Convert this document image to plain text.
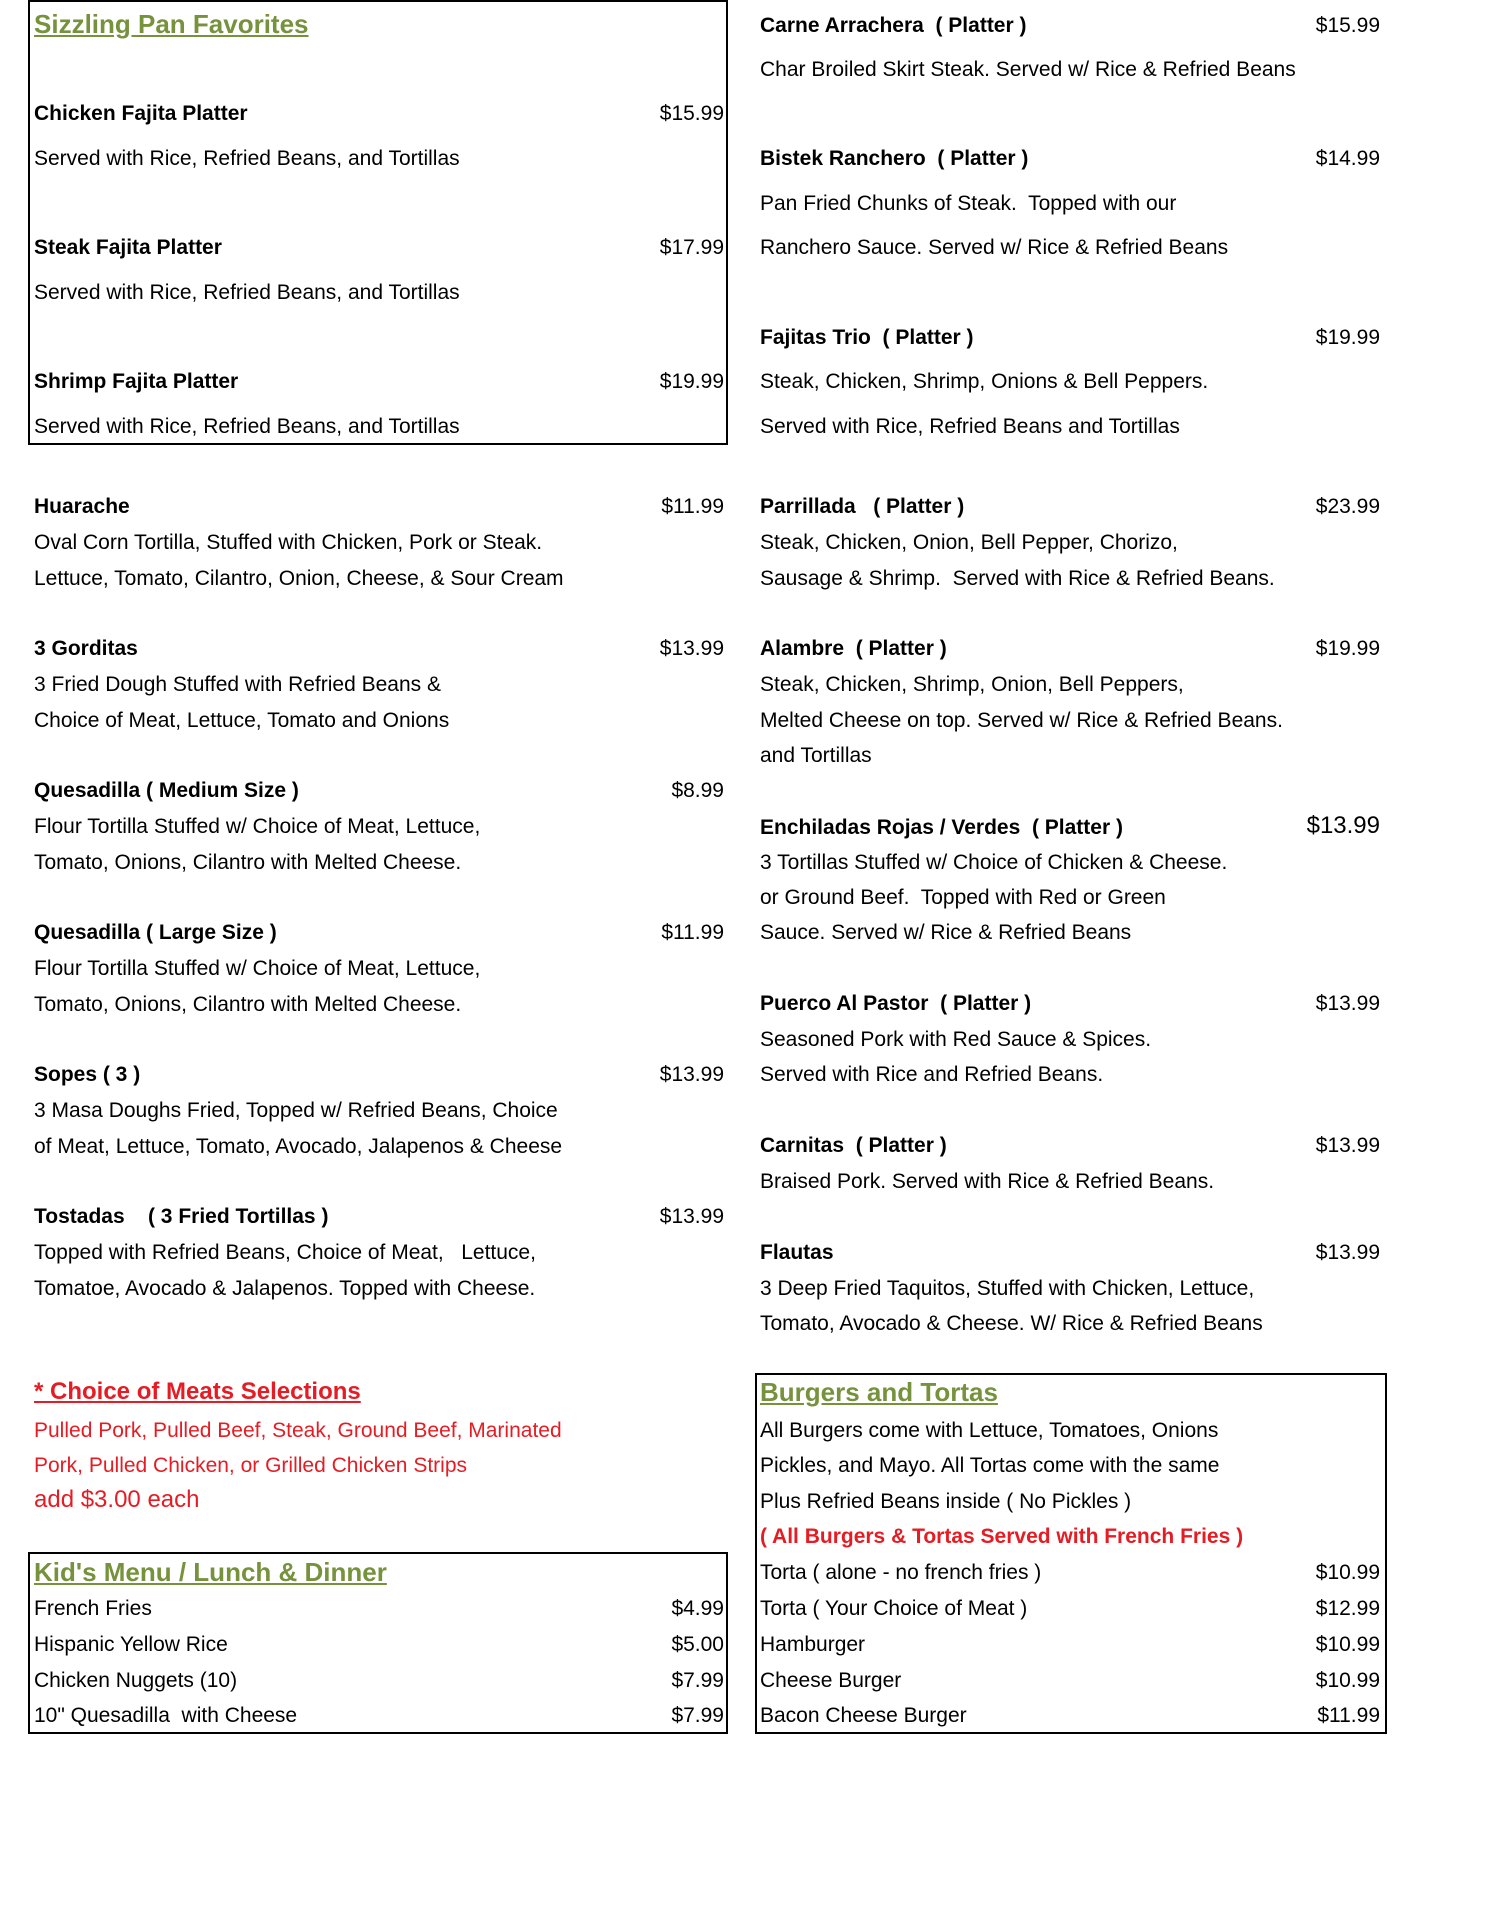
Sizzling Pan Favorites
Chicken Fajita Platter	$15.99
Served with Rice, Refried Beans, and Tortillas
Steak Fajita Platter	$17.99
Served with Rice, Refried Beans, and Tortillas
Shrimp Fajita Platter	$19.99
Served with Rice, Refried Beans, and Tortillas
Huarache	$11.99
Oval Corn Tortilla, Stuffed with Chicken, Pork or Steak.
Lettuce, Tomato, Cilantro, Onion, Cheese, & Sour Cream
3 Gorditas	$13.99
3 Fried Dough Stuffed with Refried Beans &
Choice of Meat, Lettuce, Tomato and Onions
Quesadilla ( Medium Size )	$8.99
Flour Tortilla Stuffed w/ Choice of Meat, Lettuce,
Tomato, Onions, Cilantro with Melted Cheese.
Quesadilla ( Large Size )	$11.99
Flour Tortilla Stuffed w/ Choice of Meat, Lettuce,
Tomato, Onions, Cilantro with Melted Cheese.
Sopes ( 3 )	$13.99
3 Masa Doughs Fried, Topped w/ Refried Beans, Choice
of Meat, Lettuce, Tomato, Avocado, Jalapenos & Cheese
Tostadas    ( 3 Fried Tortillas )	$13.99
Topped with Refried Beans, Choice of Meat,   Lettuce,
Tomatoe, Avocado & Jalapenos. Topped with Cheese.
Carne Arrachera  ( Platter )	$15.99
Char Broiled Skirt Steak. Served w/ Rice & Refried Beans
Bistek Ranchero  ( Platter )	$14.99
Pan Fried Chunks of Steak.  Topped with our
Ranchero Sauce. Served w/ Rice & Refried Beans
Fajitas Trio  ( Platter )	$19.99
Steak, Chicken, Shrimp, Onions & Bell Peppers.
Served with Rice, Refried Beans and Tortillas
Parrillada   ( Platter )	$23.99
Steak, Chicken, Onion, Bell Pepper, Chorizo,
Sausage & Shrimp.  Served with Rice & Refried Beans.
Alambre  ( Platter )	$19.99
Steak, Chicken, Shrimp, Onion, Bell Peppers,
Melted Cheese on top. Served w/ Rice & Refried Beans.
and Tortillas
Enchiladas Rojas / Verdes  ( Platter )	$13.99
3 Tortillas Stuffed w/ Choice of Chicken & Cheese.
or Ground Beef.  Topped with Red or Green
Sauce. Served w/ Rice & Refried Beans
Puerco Al Pastor  ( Platter )	$13.99
Seasoned Pork with Red Sauce & Spices.
Served with Rice and Refried Beans.
Carnitas  ( Platter )	$13.99
Braised Pork. Served with Rice & Refried Beans.
Flautas	$13.99
3 Deep Fried Taquitos, Stuffed with Chicken, Lettuce,
Tomato, Avocado & Cheese. W/ Rice & Refried Beans
* Choice of Meats Selections
Pulled Pork, Pulled Beef, Steak, Ground Beef, Marinated
Pork, Pulled Chicken, or Grilled Chicken Strips
add $3.00 each
Kid's Menu / Lunch & Dinner
French Fries	$4.99
Hispanic Yellow Rice	$5.00
Chicken Nuggets (10)	$7.99
10" Quesadilla  with Cheese	$7.99
Burgers and Tortas
All Burgers come with Lettuce, Tomatoes, Onions
Pickles, and Mayo. All Tortas come with the same
Plus Refried Beans inside ( No Pickles )
( All Burgers & Tortas Served with French Fries )
Torta ( alone - no french fries )	$10.99
Torta ( Your Choice of Meat )	$12.99
Hamburger	$10.99
Cheese Burger	$10.99
Bacon Cheese Burger	$11.99
